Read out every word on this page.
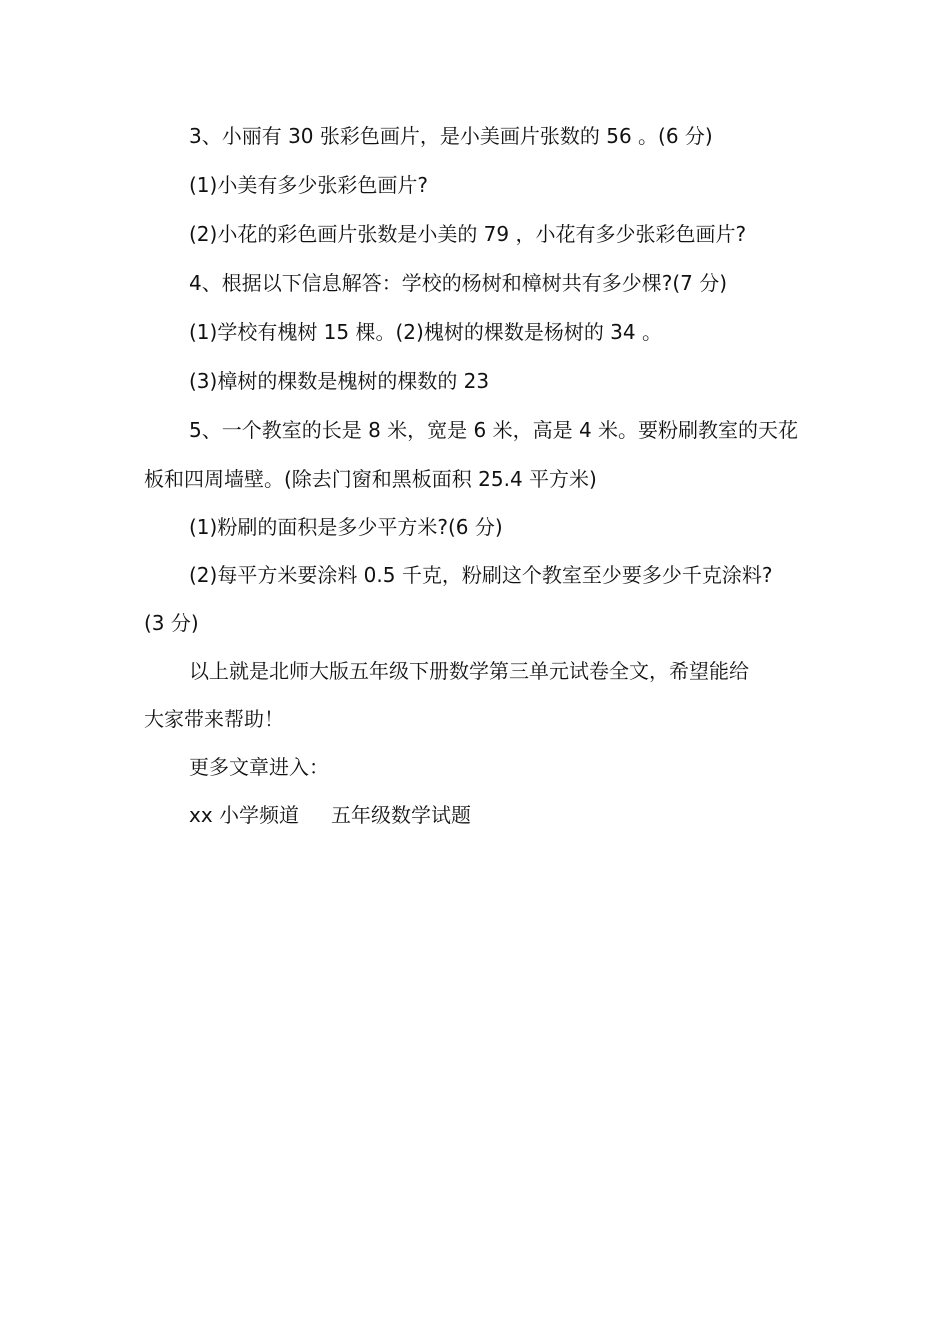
3、小丽有 30 张彩色画片，是小美画片张数的 56 。(6 分)

(1)小美有多少张彩色画片?

(2)小花的彩色画片张数是小美的 79 ，小花有多少张彩色画片?

4、根据以下信息解答：学校的杨树和樟树共有多少棵?(7 分)

(1)学校有槐树 15 棵。(2)槐树的棵数是杨树的 34 。

(3)樟树的棵数是槐树的棵数的 23

5、一个教室的长是 8 米，宽是 6 米，高是 4 米。要粉刷教室的天花

板和四周墙壁。(除去门窗和黑板面积 25.4 平方米)

(1)粉刷的面积是多少平方米?(6 分)

(2)每平方米要涂料 0.5 千克，粉刷这个教室至少要多少千克涂料?

(3 分)

以上就是北师大版五年级下册数学第三单元试卷全文，希望能给

大家带来帮助！

更多文章进入：

xx 小学频道 五年级数学试题
